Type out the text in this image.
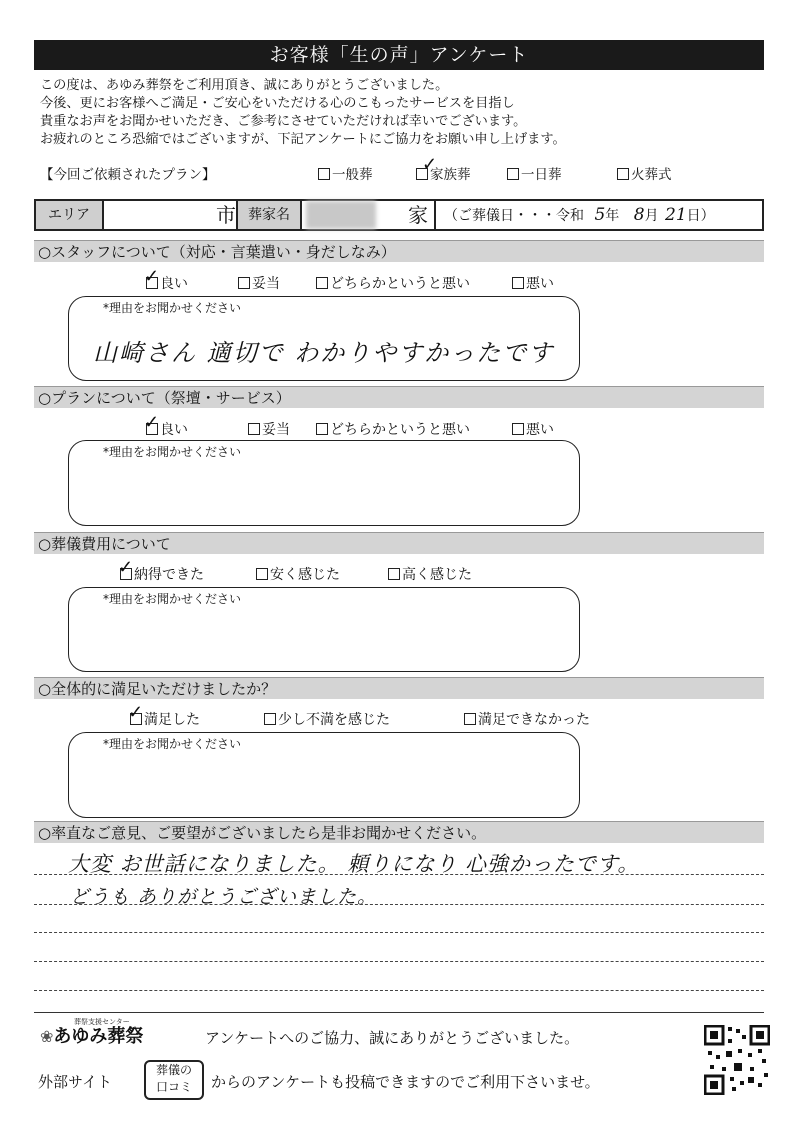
お客様「生の声」アンケート
この度は、あゆみ葬祭をご利用頂き、誠にありがとうございました。
今後、更にお客様へご満足・ご安心をいただける心のこもったサービスを目指し
貴重なお声をお聞かせいただき、ご参考にさせていただければ幸いでございます。
お疲れのところ恐縮ではございますが、下記アンケートにご協力をお願い申し上げます。
【今回ご依頼されたプラン】	一般葬	家族葬
✓	一日葬	火葬式
エリア	市 葬家名	家 （ご葬儀日・・・令和 5年 8月 21日）
○スタッフについて（対応・言葉遣い・身だしなみ）
良い
✓	妥当	どちらかというと悪い	悪い
*理由をお聞かせください
山崎さん 適切で わかりやすかったです
○プランについて（祭壇・サービス）
良い
✓	妥当	どちらかというと悪い	悪い
*理由をお聞かせください
○葬儀費用について
納得できた
✓	安く感じた	高く感じた
*理由をお聞かせください
○全体的に満足いただけましたか？
満足した
✓	少し不満を感じた	満足できなかった
*理由をお聞かせください
○率直なご意見、ご要望がございましたら是非お聞かせください。
大変 お世話になりました。 頼りになり 心強かったです。
どうも ありがとうございました。
葬祭支援センター
❀あゆみ葬祭	アンケートへのご協力、誠にありがとうございました。
外部サイト
葬儀の
口コミ	からのアンケートも投稿できますのでご利用下さいませ。
